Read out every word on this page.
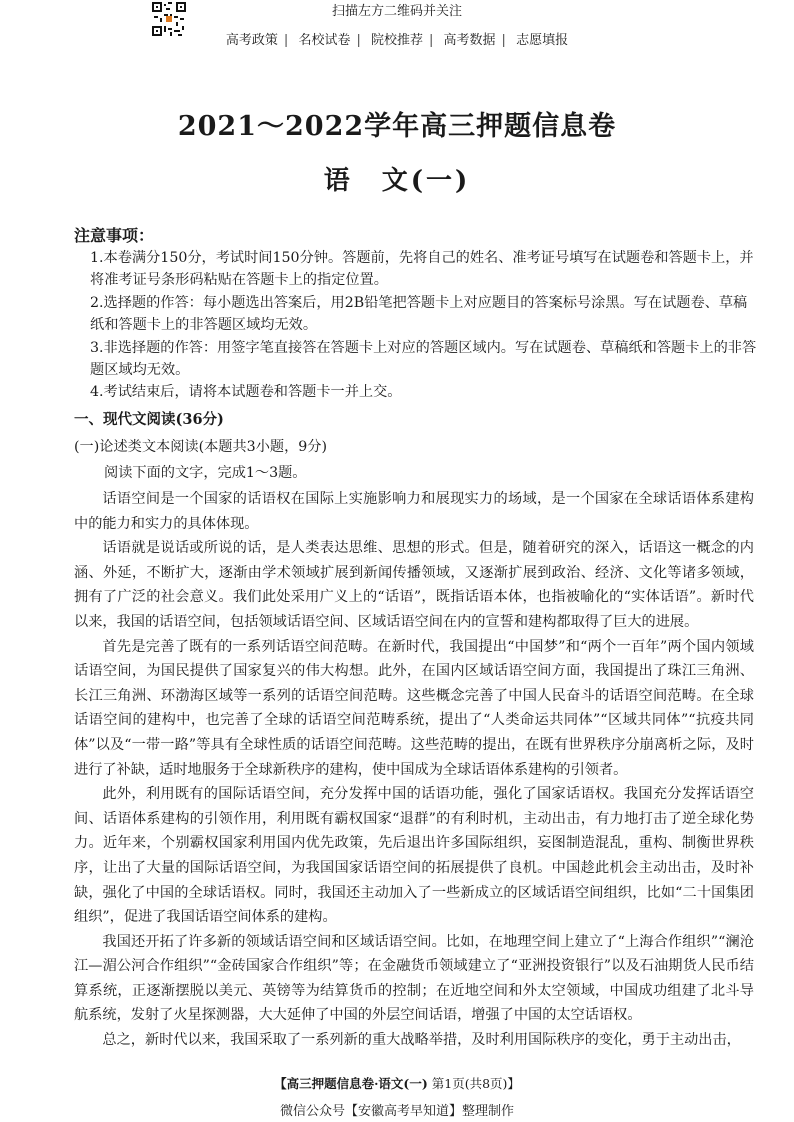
扫描左方二维码并关注
高考政策 | 名校试卷 | 院校推荐 | 高考数据 | 志愿填报
2021～2022学年高三押题信息卷
语　文(一)
注意事项：
1.本卷满分150分，考试时间150分钟。答题前，先将自己的姓名、准考证号填写在试题卷和答题卡上，并将准考证号条形码粘贴在答题卡上的指定位置。
2.选择题的作答：每小题选出答案后，用2B铅笔把答题卡上对应题目的答案标号涂黑。写在试题卷、草稿纸和答题卡上的非答题区域均无效。
3.非选择题的作答：用签字笔直接答在答题卡上对应的答题区域内。写在试题卷、草稿纸和答题卡上的非答题区域均无效。
4.考试结束后，请将本试题卷和答题卡一并上交。
一、现代文阅读(36分)
(一)论述类文本阅读(本题共3小题，9分)
阅读下面的文字，完成1～3题。

话语空间是一个国家的话语权在国际上实施影响力和展现实力的场域，是一个国家在全球话语体系建构中的能力和实力的具体体现。

话语就是说话或所说的话，是人类表达思维、思想的形式。但是，随着研究的深入，话语这一概念的内涵、外延，不断扩大，逐渐由学术领域扩展到新闻传播领域，又逐渐扩展到政治、经济、文化等诸多领域，拥有了广泛的社会意义。我们此处采用广义上的“话语”，既指话语本体，也指被喻化的“实体话语”。新时代以来，我国的话语空间，包括领域话语空间、区域话语空间在内的宣誓和建构都取得了巨大的进展。

首先是完善了既有的一系列话语空间范畴。在新时代，我国提出“中国梦”和“两个一百年”两个国内领域话语空间，为国民提供了国家复兴的伟大构想。此外，在国内区域话语空间方面，我国提出了珠江三角洲、长江三角洲、环渤海区域等一系列的话语空间范畴。这些概念完善了中国人民奋斗的话语空间范畴。在全球话语空间的建构中，也完善了全球的话语空间范畴系统，提出了“人类命运共同体”“区域共同体”“抗疫共同体”以及“一带一路”等具有全球性质的话语空间范畴。这些范畴的提出，在既有世界秩序分崩离析之际，及时进行了补缺，适时地服务于全球新秩序的建构，使中国成为全球话语体系建构的引领者。

此外，利用既有的国际话语空间，充分发挥中国的话语功能，强化了国家话语权。我国充分发挥话语空间、话语体系建构的引领作用，利用既有霸权国家“退群”的有利时机，主动出击，有力地打击了逆全球化势力。近年来，个别霸权国家利用国内优先政策，先后退出许多国际组织，妄图制造混乱，重构、制衡世界秩序，让出了大量的国际话语空间，为我国国家话语空间的拓展提供了良机。中国趁此机会主动出击，及时补缺，强化了中国的全球话语权。同时，我国还主动加入了一些新成立的区域话语空间组织，比如“二十国集团组织”，促进了我国话语空间体系的建构。

我国还开拓了许多新的领域话语空间和区域话语空间。比如，在地理空间上建立了“上海合作组织”“澜沧江—湄公河合作组织”“金砖国家合作组织”等；在金融货币领域建立了“亚洲投资银行”以及石油期货人民币结算系统，正逐渐摆脱以美元、英镑等为结算货币的控制；在近地空间和外太空领域，中国成功组建了北斗导航系统，发射了火星探测器，大大延伸了中国的外层空间话语，增强了中国的太空话语权。

总之，新时代以来，我国采取了一系列新的重大战略举措，及时利用国际秩序的变化，勇于主动出击，

【高三押题信息卷·语文(一) 第1页(共8页)】
微信公众号【安徽高考早知道】整理制作
